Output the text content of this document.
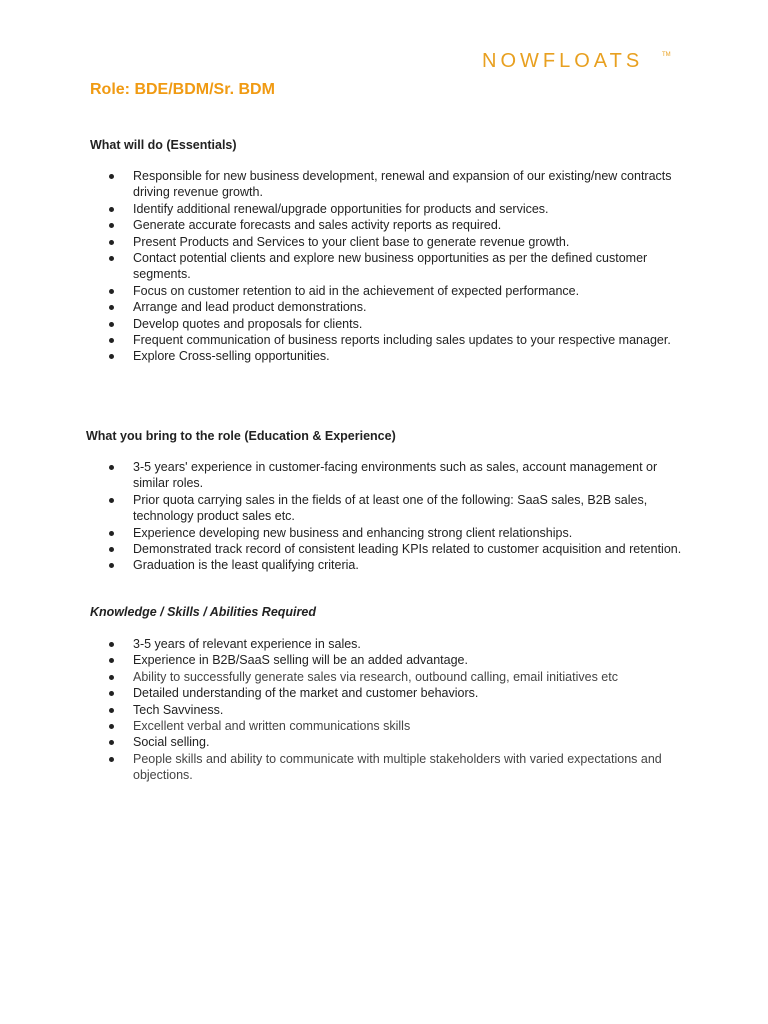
NOWFLOATS	TM
Role: BDE/BDM/Sr. BDM
What will do (Essentials)
Responsible for new business development, renewal and expansion of our existing/new contracts driving revenue growth.
Identify additional renewal/upgrade opportunities for products and services.
Generate accurate forecasts and sales activity reports as required.
Present Products and Services to your client base to generate revenue growth.
Contact potential clients and explore new business opportunities as per the defined customer segments.
Focus on customer retention to aid in the achievement of expected performance.
Arrange and lead product demonstrations.
Develop quotes and proposals for clients.
Frequent communication of business reports including sales updates to your respective manager.
Explore Cross-selling opportunities.
What you bring to the role (Education & Experience)
3-5 years' experience in customer-facing environments such as sales, account management or similar roles.
Prior quota carrying sales in the fields of at least one of the following: SaaS sales, B2B sales, technology product sales etc.
Experience developing new business and enhancing strong client relationships.
Demonstrated track record of consistent leading KPIs related to customer acquisition and retention.
Graduation is the least qualifying criteria.
Knowledge / Skills / Abilities Required
3-5 years of relevant experience in sales.
Experience in B2B/SaaS selling will be an added advantage.
Ability to successfully generate sales via research, outbound calling, email initiatives etc
Detailed understanding of the market and customer behaviors.
Tech Savviness.
Excellent verbal and written communications skills
Social selling.
People skills and ability to communicate with multiple stakeholders with varied expectations and objections.
